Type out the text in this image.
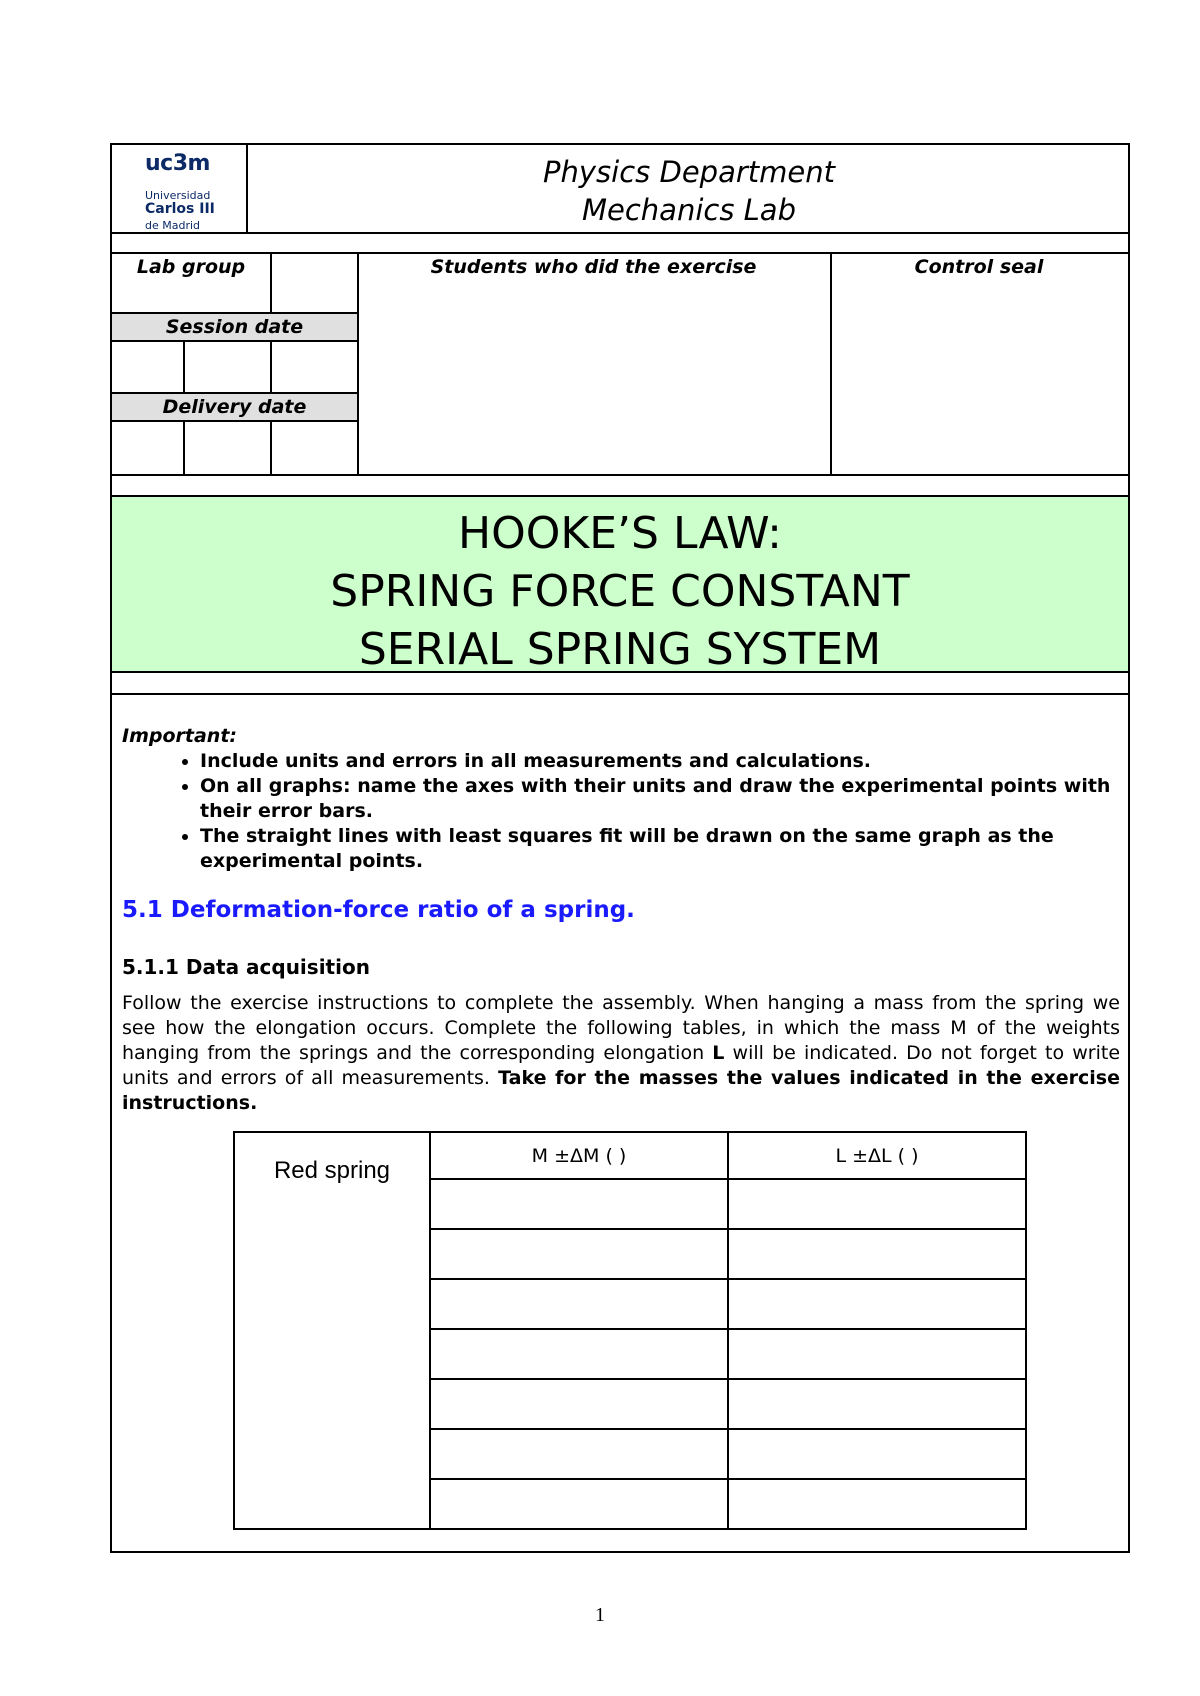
uc3m
Universidad
Carlos III
de Madrid
Physics Department
Mechanics Lab
Lab group	Students who did the exercise	Control seal
Session date
Delivery date
HOOKE’S LAW:
SPRING FORCE CONSTANT
SERIAL SPRING SYSTEM
Important:
• Include units and errors in all measurements and calculations.
• On all graphs: name the axes with their units and draw the experimental points with their error bars.
• The straight lines with least squares fit will be drawn on the same graph as the experimental points.
5.1 Deformation-force ratio of a spring.
5.1.1 Data acquisition
Follow the exercise instructions to complete the assembly. When hanging a mass from the spring we see how the elongation occurs. Complete the following tables, in which the mass M of the weights hanging from the springs and the corresponding elongation L will be indicated. Do not forget to write units and errors of all measurements. Take for the masses the values indicated in the exercise instructions.
Red spring	M ±ΔM ( )	L ±ΔL ( )

1
